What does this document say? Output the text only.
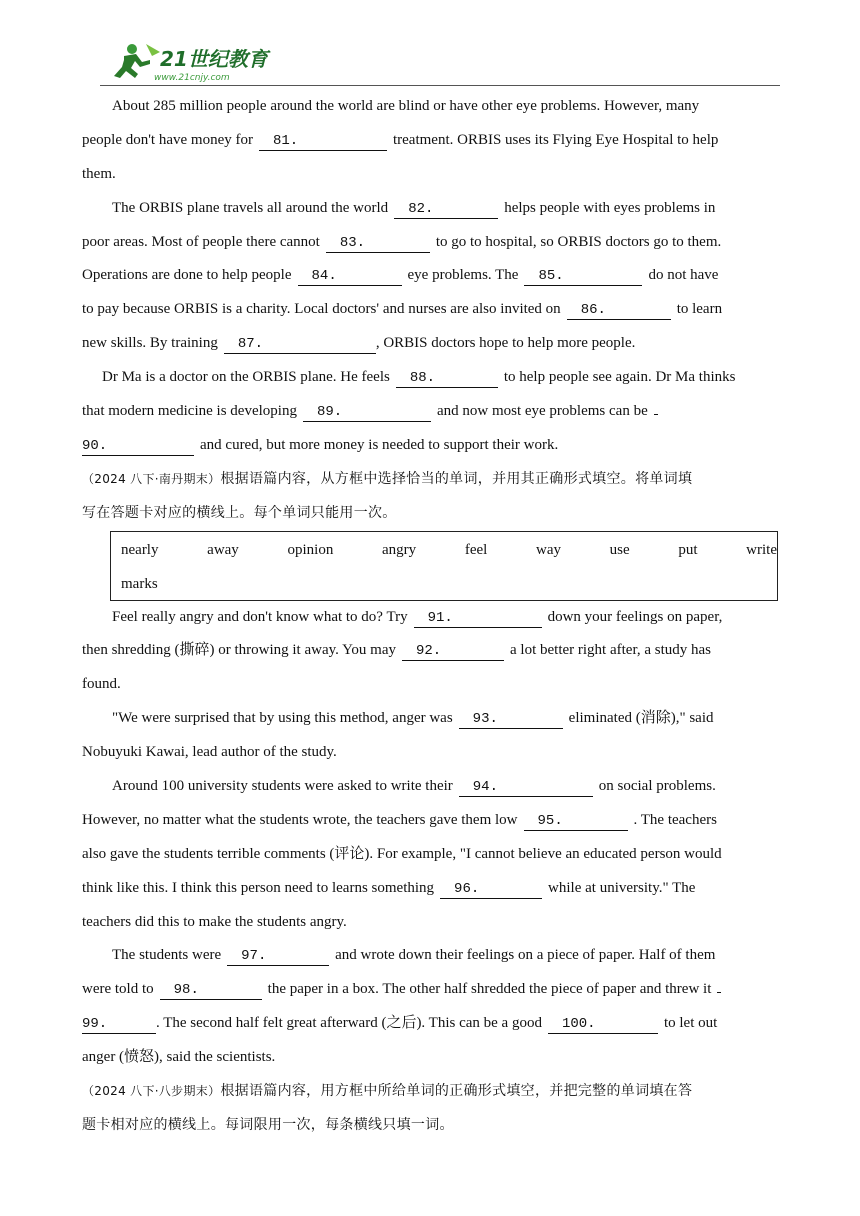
21世纪教育
www.21cnjy.com
About 285 million people around the world are blind or have other eye problems. However, many
people don't have money for 81.	treatment. ORBIS uses its Flying Eye Hospital to help
them.
The ORBIS plane travels all around the world 82.	helps people with eyes problems in
poor areas. Most of people there cannot 83.	to go to hospital, so ORBIS doctors go to them.
Operations are done to help people 84.	eye problems. The 85.	do not have
to pay because ORBIS is a charity. Local doctors' and nurses are also invited on 86.	to learn
new skills. By training 87.	, ORBIS doctors hope to help more people.
Dr Ma is a doctor on the ORBIS plane. He feels 88.	to help people see again. Dr Ma thinks
that modern medicine is developing 89.	and now most eye problems can be
90.	and cured, but more money is needed to support their work.
（2024 八下·南丹期末）根据语篇内容，从方框中选择恰当的单词，并用其正确形式填空。将单词填
写在答题卡对应的横线上。每个单词只能用一次。
nearly	away	opinion	angry	feel	way	use	put	write
marks
Feel really angry and don't know what to do? Try 91.	down your feelings on paper,
then shredding (撕碎) or throwing it away. You may 92.	a lot better right after, a study has
found.
"We were surprised that by using this method, anger was 93.	eliminated (消除)," said
Nobuyuki Kawai, lead author of the study.
Around 100 university students were asked to write their 94.	on social problems.
However, no matter what the students wrote, the teachers gave them low 95.	. The teachers
also gave the students terrible comments (评论). For example, "I cannot believe an educated person would
think like this. I think this person need to learns something 96.	while at university." The
teachers did this to make the students angry.
The students were 97.	and wrote down their feelings on a piece of paper. Half of them
were told to 98.	the paper in a box. The other half shredded the piece of paper and threw it
99.	. The second half felt great afterward (之后). This can be a good 100.	to let out
anger (愤怒), said the scientists.
（2024 八下·八步期末）根据语篇内容，用方框中所给单词的正确形式填空，并把完整的单词填在答
题卡相对应的横线上。每词限用一次，每条横线只填一词。
